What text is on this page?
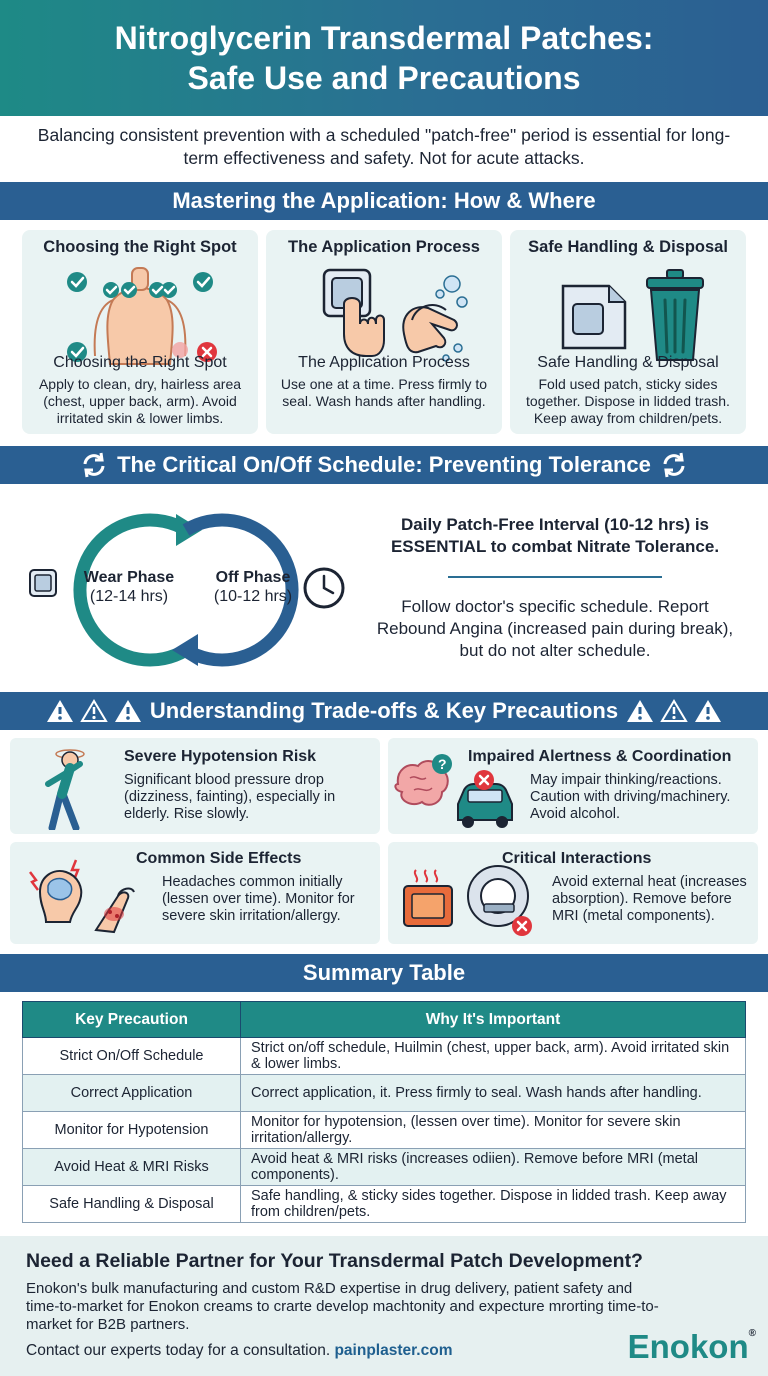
Nitroglycerin Transdermal Patches:
Safe Use and Precautions
Balancing consistent prevention with a scheduled "patch-free" period is essential for long-term effectiveness and safety. Not for acute attacks.
Mastering the Application: How & Where
Choosing the Right Spot
Choosing the Right Spot
Apply to clean, dry, hairless area (chest, upper back, arm). Avoid irritated skin & lower limbs.
The Application Process
The Application Process
Use one at a time. Press firmly to seal. Wash hands after handling.
Safe Handling & Disposal
Safe Handling & Disposal
Fold used patch, sticky sides together. Dispose in lidded trash. Keep away from children/pets.
The Critical On/Off Schedule: Preventing Tolerance
Wear Phase
(12-14 hrs)
Off Phase
(10-12 hrs)
Daily Patch-Free Interval (10-12 hrs) is ESSENTIAL to combat Nitrate Tolerance.
Follow doctor's specific schedule. Report Rebound Angina (increased pain during break), but do not alter schedule.
Understanding Trade-offs & Key Precautions
Severe Hypotension Risk
Significant blood pressure drop (dizziness, fainting), especially in elderly. Rise slowly.
? Impaired Alertness & Coordination
May impair thinking/reactions. Caution with driving/machinery. Avoid alcohol.
Common Side Effects
Headaches common initially (lessen over time). Monitor for severe skin irritation/allergy.
Critical Interactions
Avoid external heat (increases absorption). Remove before MRI (metal components).
Summary Table
Key Precaution	Why It's Important
Strict On/Off Schedule	Strict on/off schedule, Huilmin (chest, upper back, arm). Avoid irritated skin & lower limbs.
Correct Application	Correct application, it. Press firmly to seal. Wash hands after handling.
Monitor for Hypotension	Monitor for hypotension, (lessen over time). Monitor for severe skin irritation/allergy.
Avoid Heat & MRI Risks	Avoid heat & MRI risks (increases odiien). Remove before MRI (metal components).
Safe Handling & Disposal	Safe handling, & sticky sides together. Dispose in lidded trash. Keep away from children/pets.
Need a Reliable Partner for Your Transdermal Patch Development?

Enokon's bulk manufacturing and custom R&D expertise in drug delivery, patient safety and time-to-market for Enokon creams to crarte develop machtonity and expecture mrorting time-to-market for B2B partners.

Contact our experts today for a consultation. painplaster.com	Enokon®
